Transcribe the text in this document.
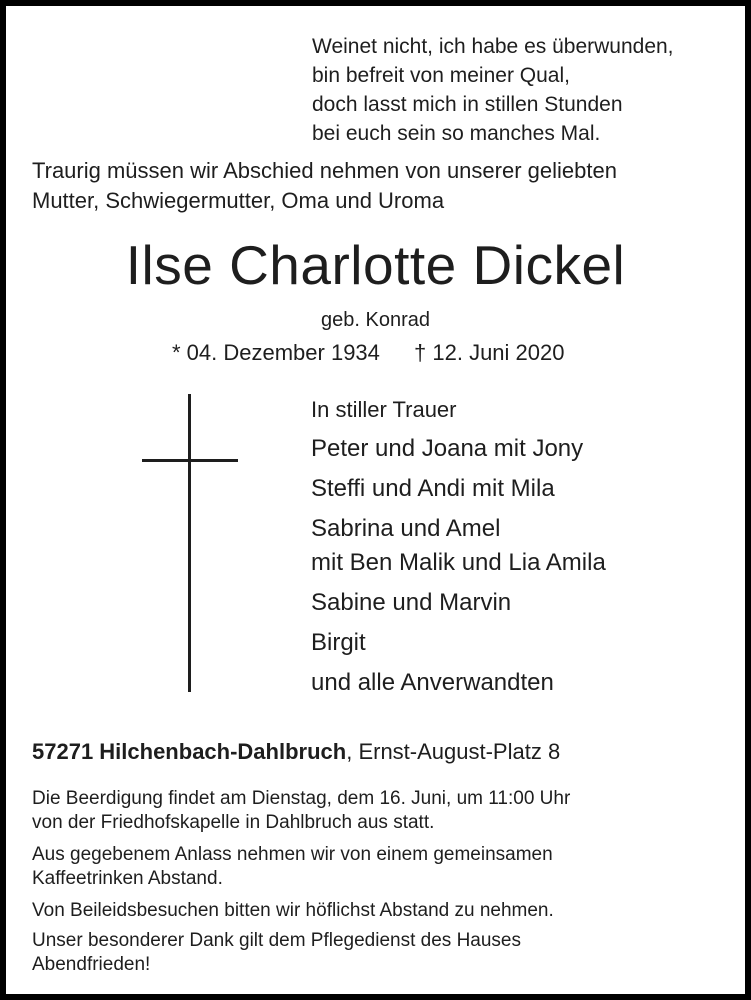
Weinet nicht, ich habe es überwunden,
bin befreit von meiner Qual,
doch lasst mich in stillen Stunden
bei euch sein so manches Mal.
Traurig müssen wir Abschied nehmen von unserer geliebten
Mutter, Schwiegermutter, Oma und Uroma
Ilse Charlotte Dickel
geb. Konrad
* 04. Dezember 1934 † 12. Juni 2020
In stiller Trauer
Peter und Joana mit Jony
Steffi und Andi mit Mila
Sabrina und Amel
mit Ben Malik und Lia Amila
Sabine und Marvin
Birgit
und alle Anverwandten
57271 Hilchenbach-Dahlbruch, Ernst-August-Platz 8
Die Beerdigung findet am Dienstag, dem 16. Juni, um 11:00 Uhr
von der Friedhofskapelle in Dahlbruch aus statt.
Aus gegebenem Anlass nehmen wir von einem gemeinsamen
Kaffeetrinken Abstand.
Von Beileidsbesuchen bitten wir höflichst Abstand zu nehmen.
Unser besonderer Dank gilt dem Pflegedienst des Hauses
Abendfrieden!
